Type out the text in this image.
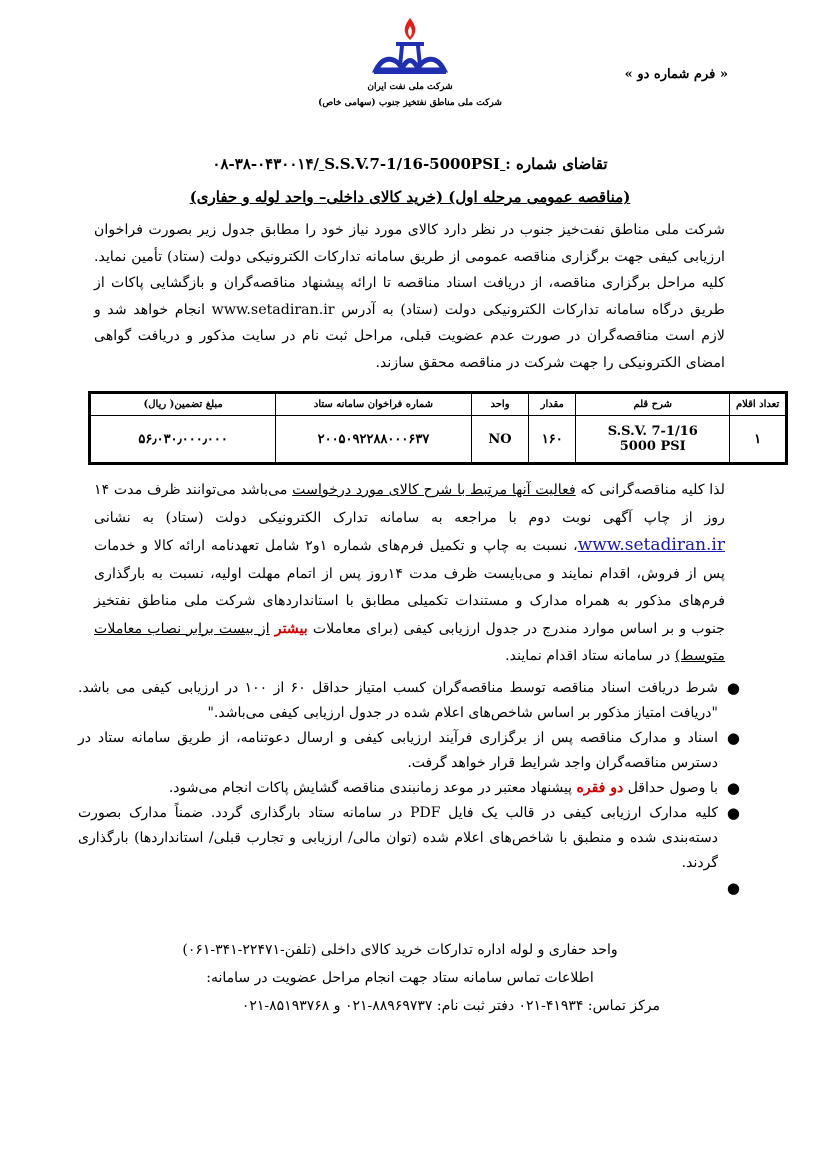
شرکت ملی نفت ایران
شرکت ملی مناطق نفتخیز جنوب (سهامی خاص)
« فرم شماره دو »
۰۸-۳۸-۰۴۳۰۰۱۴/ S.S.V.7-1/16-5000PSI تقاضای شماره :
(مناقصه عمومی مرحله اول) (خرید کالای داخلی– واحد لوله و حفاری)
شرکت ملی مناطق نفت‌خیز جنوب در نظر دارد کالای مورد نیاز خود را مطابق جدول زیر بصورت فراخوان ارزیابی کیفی جهت برگزاری مناقصه عمومی از طریق سامانه تدارکات الکترونیکی دولت (ستاد) تأمین نماید. کلیه مراحل برگزاری مناقصه، از دریافت اسناد مناقصه تا ارائه پیشنهاد مناقصه‌گران و بازگشایی پاکات از طریق درگاه سامانه تدارکات الکترونیکی دولت (ستاد) به آدرس www.setadiran.ir انجام خواهد شد و لازم است مناقصه‌گران در صورت عدم عضویت قبلی، مراحل ثبت نام در سایت مذکور و دریافت گواهی امضای الکترونیکی را جهت شرکت در مناقصه محقق سازند.
تعداد اقلام	شرح قلم	مقدار	واحد	شماره فراخوان سامانه ستاد	مبلغ تضمین( ریال)
۱	S.S.V. 7-1/16
5000 PSI	۱۶۰	NO	۲۰۰۵۰۹۲۲۸۸۰۰۰۶۳۷	۵۶٫۰۳۰٫۰۰۰٫۰۰۰
لذا کلیه مناقصه‌گرانی که فعالیت آنها مرتبط با شرح کالای مورد درخواست می‌باشد می‌توانند ظرف مدت ۱۴ روز از چاپ آگهی نوبت دوم با مراجعه به سامانه تدارک الکترونیکی دولت (ستاد) به نشانی www.setadiran.ir، نسبت به چاپ و تکمیل فرم‌های شماره ۱و۲ شامل تعهدنامه ارائه کالا و خدمات پس از فروش، اقدام نمایند و می‌بایست ظرف مدت ۱۴روز پس از اتمام مهلت اولیه، نسبت به بارگذاری فرم‌های مذکور به همراه مدارک و مستندات تکمیلی مطابق با استانداردهای شرکت ملی مناطق نفتخیز جنوب و بر اساس موارد مندرج در جدول ارزیابی کیفی (برای معاملات بیشتر از بیست برابر نصاب معاملات متوسط) در سامانه ستاد اقدام نمایند.
●
شرط دریافت اسناد مناقصه توسط مناقصه‌گران کسب امتیاز حداقل ۶۰ از ۱۰۰ در ارزیابی کیفی می باشد. "دریافت امتیاز مذکور بر اساس شاخص‌های اعلام شده در جدول ارزیابی کیفی می‌باشد."
●
اسناد و مدارک مناقصه پس از برگزاری فرآیند ارزیابی کیفی و ارسال دعوتنامه، از طریق سامانه ستاد در دسترس مناقصه‌گران واجد شرایط قرار خواهد گرفت.
●
با وصول حداقل دو فقره پیشنهاد معتبر در موعد زمانبندی مناقصه گشایش پاکات انجام می‌شود.
●
کلیه مدارک ارزیابی کیفی در قالب یک فایل PDF در سامانه ستاد بارگذاری گردد. ضمناً مدارک بصورت دسته‌بندی شده و منطبق با شاخص‌های اعلام شده (توان مالی/ ارزیابی و تجارب قبلی/ استانداردها) بارگذاری گردند.
●
واحد حفاری و لوله اداره تدارکات خرید کالای داخلی (تلفن-۲۲۴۷۱-۳۴۱-۰۶۱)
اطلاعات تماس سامانه ستاد جهت انجام مراحل عضویت در سامانه:
مرکز تماس: ۴۱۹۳۴-۰۲۱ دفتر ثبت نام: ۸۸۹۶۹۷۳۷-۰۲۱ و ۸۵۱۹۳۷۶۸-۰۲۱
